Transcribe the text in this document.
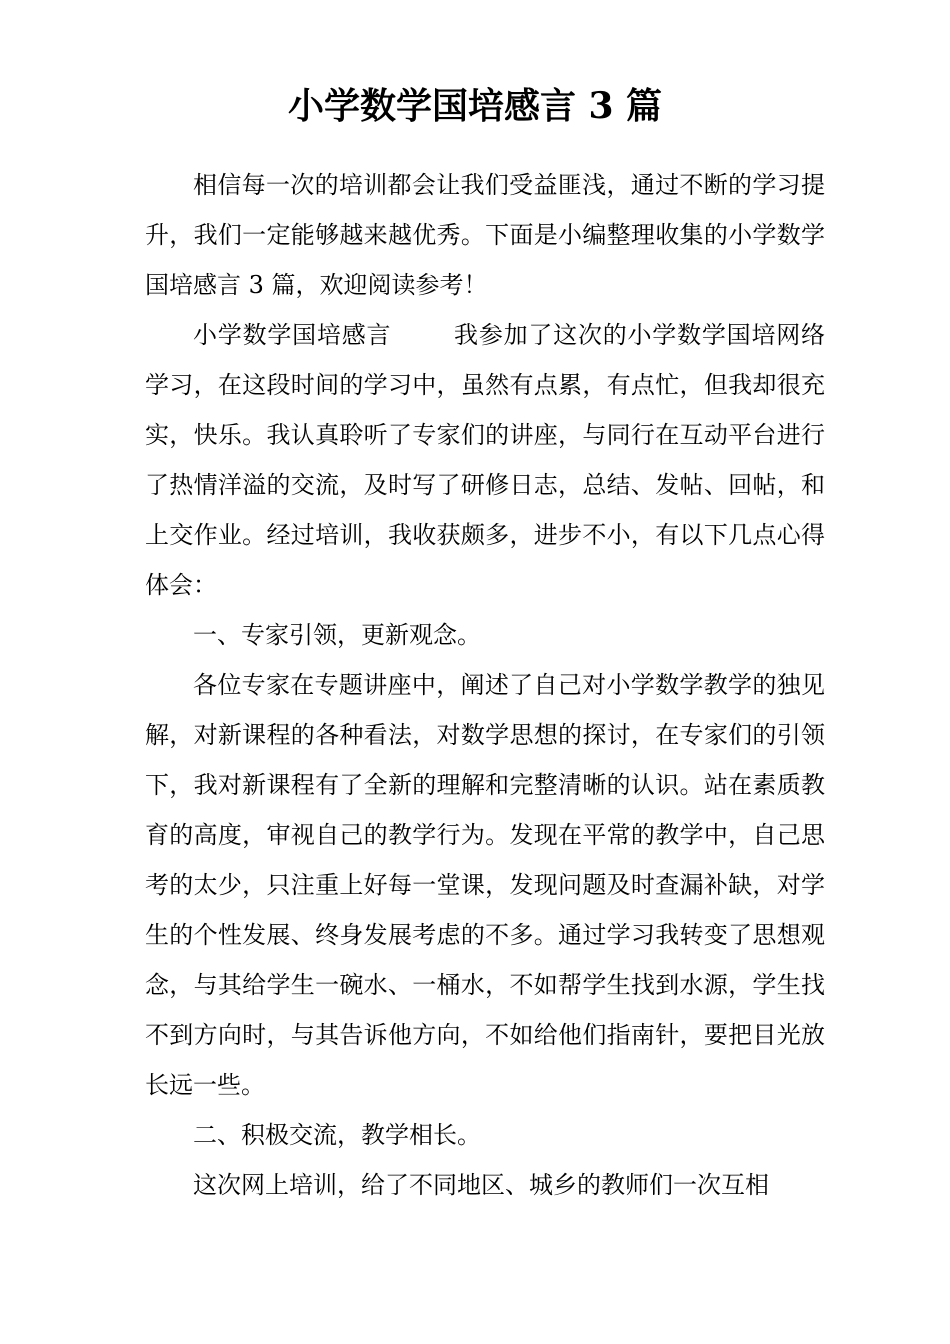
小学数学国培感言 3 篇

相信每一次的培训都会让我们受益匪浅，通过不断的学习提升，我们一定能够越来越优秀。下面是小编整理收集的小学数学国培感言 3 篇，欢迎阅读参考！

小学数学国培感言	我参加了这次的小学数学国培网络学习，在这段时间的学习中，虽然有点累，有点忙，但我却很充实，快乐。我认真聆听了专家们的讲座，与同行在互动平台进行了热情洋溢的交流，及时写了研修日志，总结、发帖、回帖，和上交作业。经过培训，我收获颇多，进步不小，有以下几点心得体会：

一、专家引领，更新观念。

各位专家在专题讲座中，阐述了自己对小学数学教学的独见解，对新课程的各种看法，对数学思想的探讨，在专家们的引领下，我对新课程有了全新的理解和完整清晰的认识。站在素质教育的高度，审视自己的教学行为。发现在平常的教学中，自己思考的太少，只注重上好每一堂课，发现问题及时查漏补缺，对学生的个性发展、终身发展考虑的不多。通过学习我转变了思想观念，与其给学生一碗水、一桶水，不如帮学生找到水源，学生找不到方向时，与其告诉他方向，不如给他们指南针，要把目光放长远一些。

二、积极交流，教学相长。

这次网上培训，给了不同地区、城乡的教师们一次互相
